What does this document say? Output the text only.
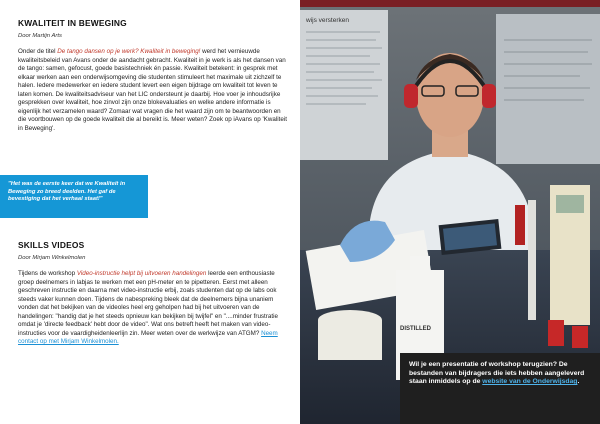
KWALITEIT IN BEWEGING
Door Martijn Arts
Onder de titel De tango dansen op je werk? Kwaliteit in beweging! werd het vernieuwde kwaliteitsbeleid van Avans onder de aandacht gebracht. Kwaliteit in je werk is als het dansen van de tango: samen, gefocust, goede basistechniek én passie. Kwaliteit betekent: in gesprek met elkaar werken aan een onderwijsomgeving die studenten stimuleert het maximale uit zichzelf te halen. Iedere medewerker en iedere student levert een eigen bijdrage om kwaliteit tot leven te laten komen. De kwaliteitsadviseur van het LIC ondersteunt je daarbij. Hoe voer je inhoudsrijke gesprekken over kwaliteit, hoe zinvol zijn onze blokevaluaties en welke andere informatie is eigenlijk het verzamelen waard? Zomaar wat vragen die het waard zijn om te beantwoorden en die voortbouwen op de goede kwaliteit die al bereikt is. Meer weten? Zoek op iAvans op 'Kwaliteit in Beweging'.
"Het was de eerste keer dat we Kwaliteit in Beweging zo breed deelden. Het gaf de bevestiging dat het verhaal staat!"
SKILLS VIDEOS
Door Mirjam Winkelmolen
Tijdens de workshop Video-instructie helpt bij uitvoeren handelingen leerde een enthousiaste groep deelnemers in labjas te werken met een pH-meter en te pipetteren. Eerst met alleen geschreven instructie en daarna met video-instructie erbij, zoals studenten dat op de labs ook steeds vaker kunnen doen. Tijdens de nabespreking bleek dat de deelnemers bijna unaniem vonden dat het bekijken van de videoles heel erg geholpen had bij het uitvoeren van de handelingen: "handig dat je het steeds opnieuw kan bekijken bij twijfel" en "....minder frustratie omdat je 'directe feedback' hebt door de video". Wat ons betreft heeft het maken van video-instructies voor de vaardigheidenleerlijn zin. Meer weten over de werkwijze van ATGM? Neem contact op met Mirjam Winkelmolen.
wijs versterken
DISTILLED
Wil je een presentatie of workshop terugzien? De bestanden van bijdragers die iets hebben aangeleverd staan inmiddels op de website van de Onderwijsdag.
